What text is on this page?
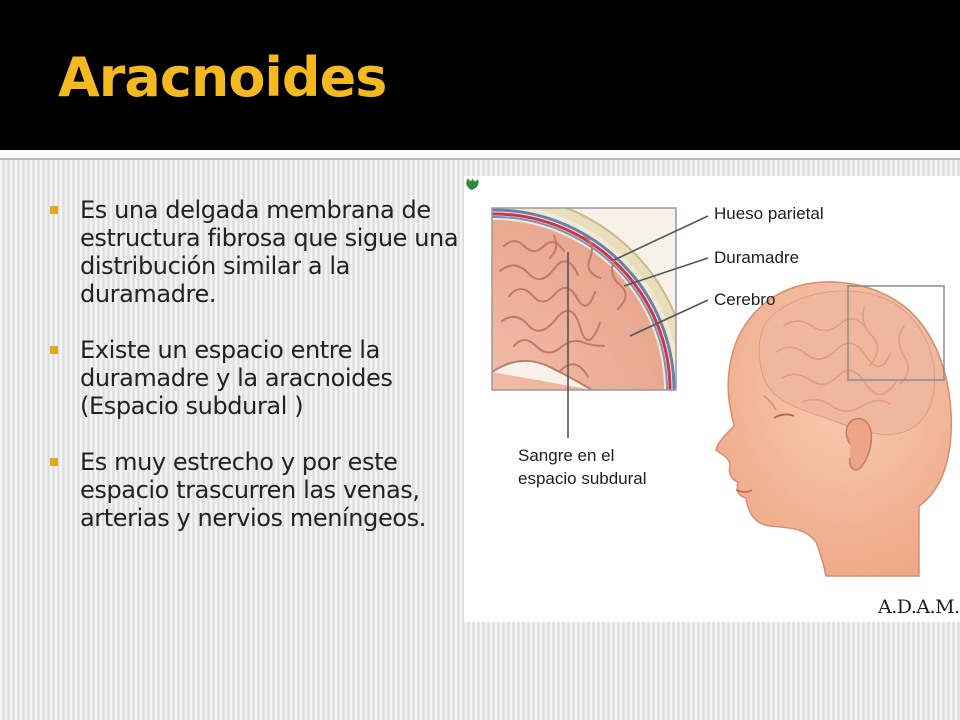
Aracnoides
Es una delgada membrana de estructura fibrosa que sigue una distribución similar a la duramadre.
Existe un espacio entre la duramadre y la aracnoides (Espacio subdural )
Es muy estrecho y por este espacio trascurren las venas, arterias y nervios meníngeos.
Hueso parietal
Duramadre
Cerebro
Sangre en el
espacio subdural
A.D.A.M.
